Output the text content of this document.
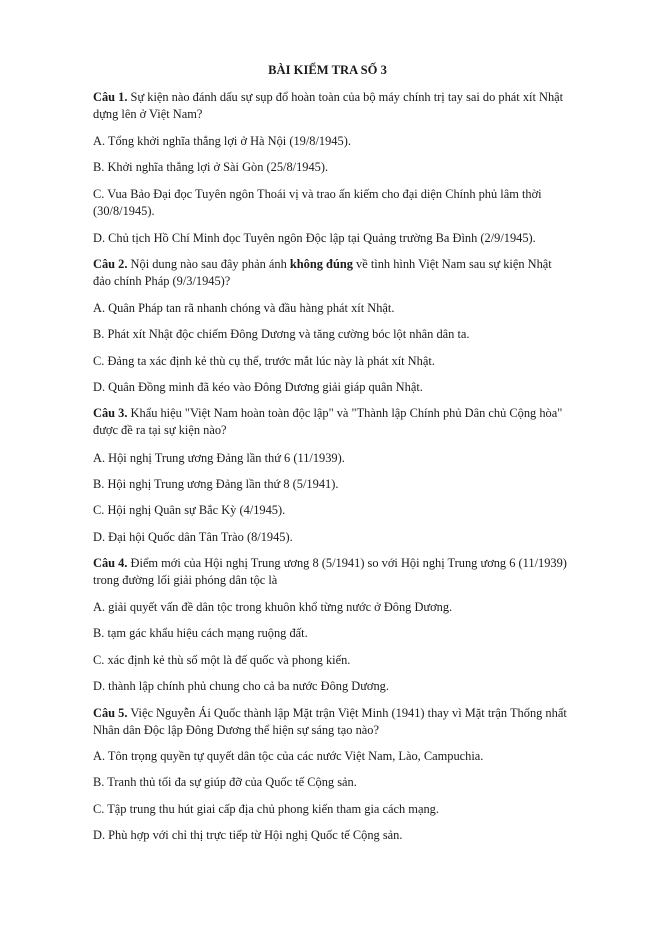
BÀI KIỂM TRA SỐ 3
Câu 1. Sự kiện nào đánh dấu sự sụp đổ hoàn toàn của bộ máy chính trị tay sai do phát xít Nhật dựng lên ở Việt Nam?
A. Tổng khởi nghĩa thắng lợi ở Hà Nội (19/8/1945).
B. Khởi nghĩa thắng lợi ở Sài Gòn (25/8/1945).
C. Vua Bảo Đại đọc Tuyên ngôn Thoái vị và trao ấn kiếm cho đại diện Chính phủ lâm thời (30/8/1945).
D. Chủ tịch Hồ Chí Minh đọc Tuyên ngôn Độc lập tại Quảng trường Ba Đình (2/9/1945).
Câu 2. Nội dung nào sau đây phản ánh không đúng về tình hình Việt Nam sau sự kiện Nhật đảo chính Pháp (9/3/1945)?
A. Quân Pháp tan rã nhanh chóng và đầu hàng phát xít Nhật.
B. Phát xít Nhật độc chiếm Đông Dương và tăng cường bóc lột nhân dân ta.
C. Đảng ta xác định kẻ thù cụ thể, trước mắt lúc này là phát xít Nhật.
D. Quân Đồng minh đã kéo vào Đông Dương giải giáp quân Nhật.
Câu 3. Khẩu hiệu "Việt Nam hoàn toàn độc lập" và "Thành lập Chính phủ Dân chủ Cộng hòa" được đề ra tại sự kiện nào?
A. Hội nghị Trung ương Đảng lần thứ 6 (11/1939).
B. Hội nghị Trung ương Đảng lần thứ 8 (5/1941).
C. Hội nghị Quân sự Bắc Kỳ (4/1945).
D. Đại hội Quốc dân Tân Trào (8/1945).
Câu 4. Điểm mới của Hội nghị Trung ương 8 (5/1941) so với Hội nghị Trung ương 6 (11/1939) trong đường lối giải phóng dân tộc là
A. giải quyết vấn đề dân tộc trong khuôn khổ từng nước ở Đông Dương.
B. tạm gác khẩu hiệu cách mạng ruộng đất.
C. xác định kẻ thù số một là đế quốc và phong kiến.
D. thành lập chính phủ chung cho cả ba nước Đông Dương.
Câu 5. Việc Nguyễn Ái Quốc thành lập Mặt trận Việt Minh (1941) thay vì Mặt trận Thống nhất Nhân dân Độc lập Đông Dương thể hiện sự sáng tạo nào?
A. Tôn trọng quyền tự quyết dân tộc của các nước Việt Nam, Lào, Campuchia.
B. Tranh thủ tối đa sự giúp đỡ của Quốc tế Cộng sản.
C. Tập trung thu hút giai cấp địa chủ phong kiến tham gia cách mạng.
D. Phù hợp với chỉ thị trực tiếp từ Hội nghị Quốc tế Cộng sản.
